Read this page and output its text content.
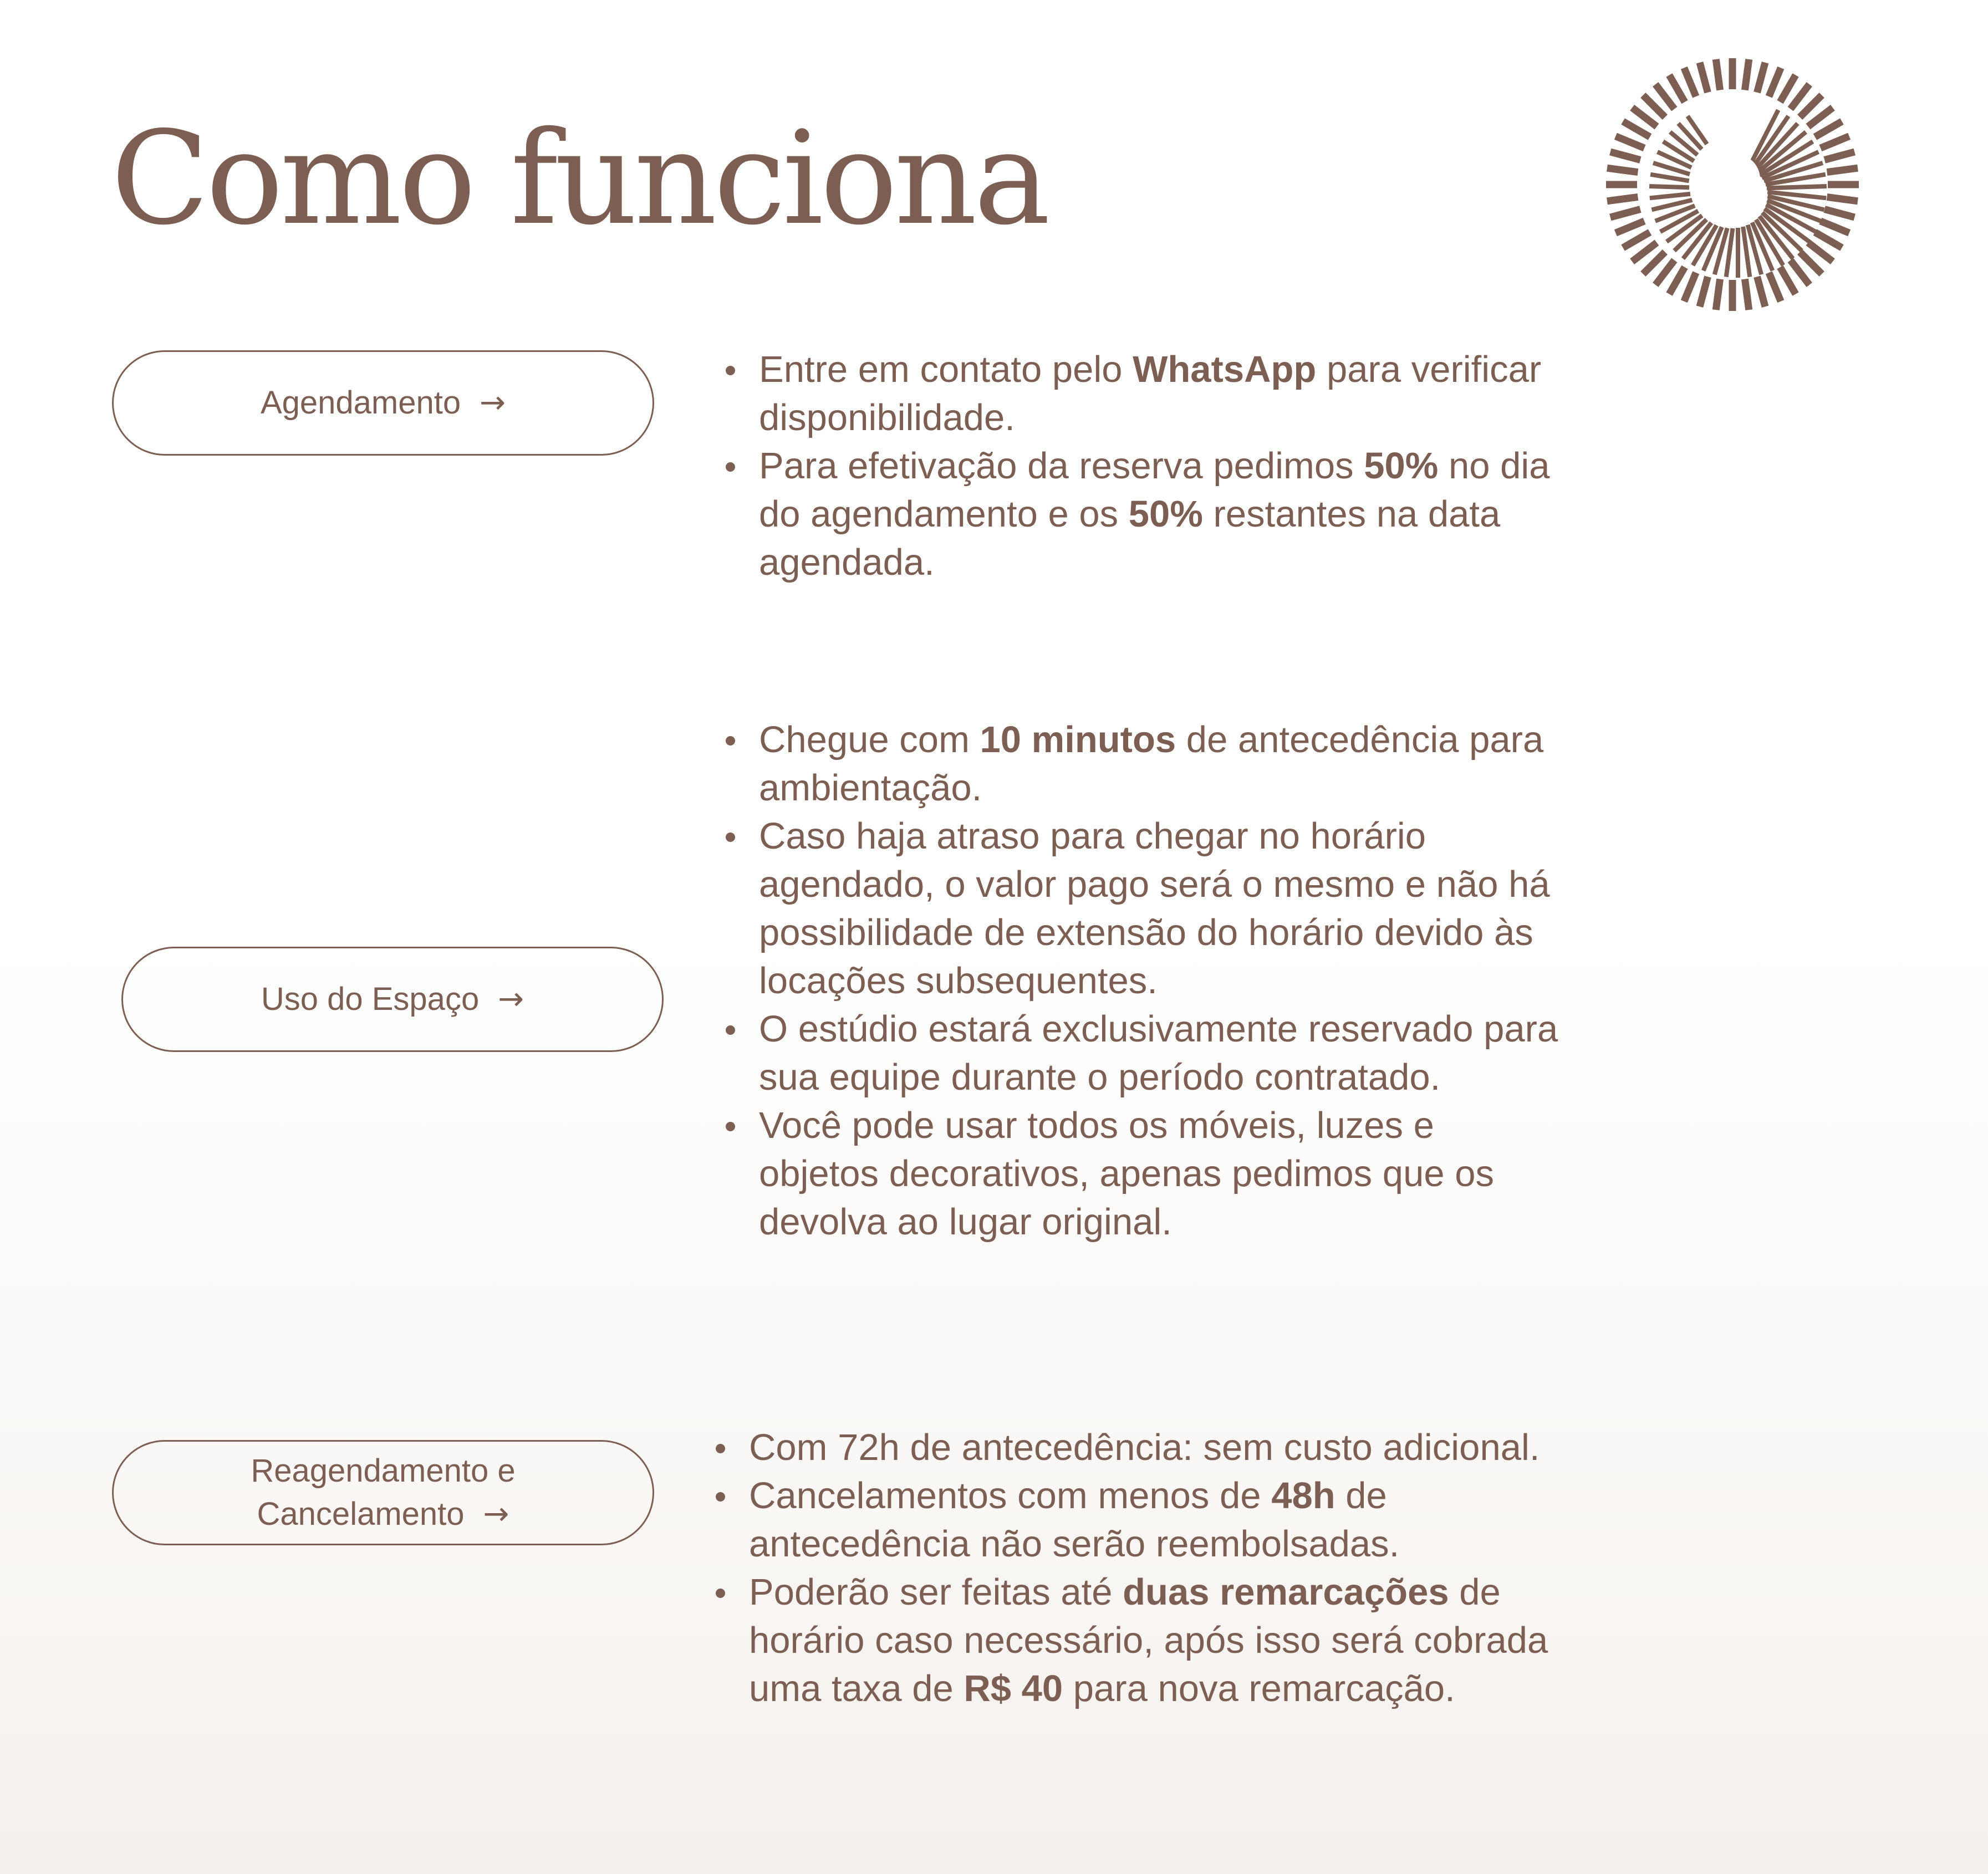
Como funciona
Agendamento →
Entre em contato pelo WhatsApp para verificar disponibilidade.
Para efetivação da reserva pedimos 50% no dia do agendamento e os 50% restantes na data agendada.
Uso do Espaço →
Chegue com 10 minutos de antecedência para ambientação.
Caso haja atraso para chegar no horário agendado, o valor pago será o mesmo e não há possibilidade de extensão do horário devido às locações subsequentes.
O estúdio estará exclusivamente reservado para sua equipe durante o período contratado.
Você pode usar todos os móveis, luzes e objetos decorativos, apenas pedimos que os devolva ao lugar original.
Reagendamento e
Cancelamento →
Com 72h de antecedência: sem custo adicional.
Cancelamentos com menos de 48h de antecedência não serão reembolsadas.
Poderão ser feitas até duas remarcações de horário caso necessário, após isso será cobrada uma taxa de R$ 40 para nova remarcação.
